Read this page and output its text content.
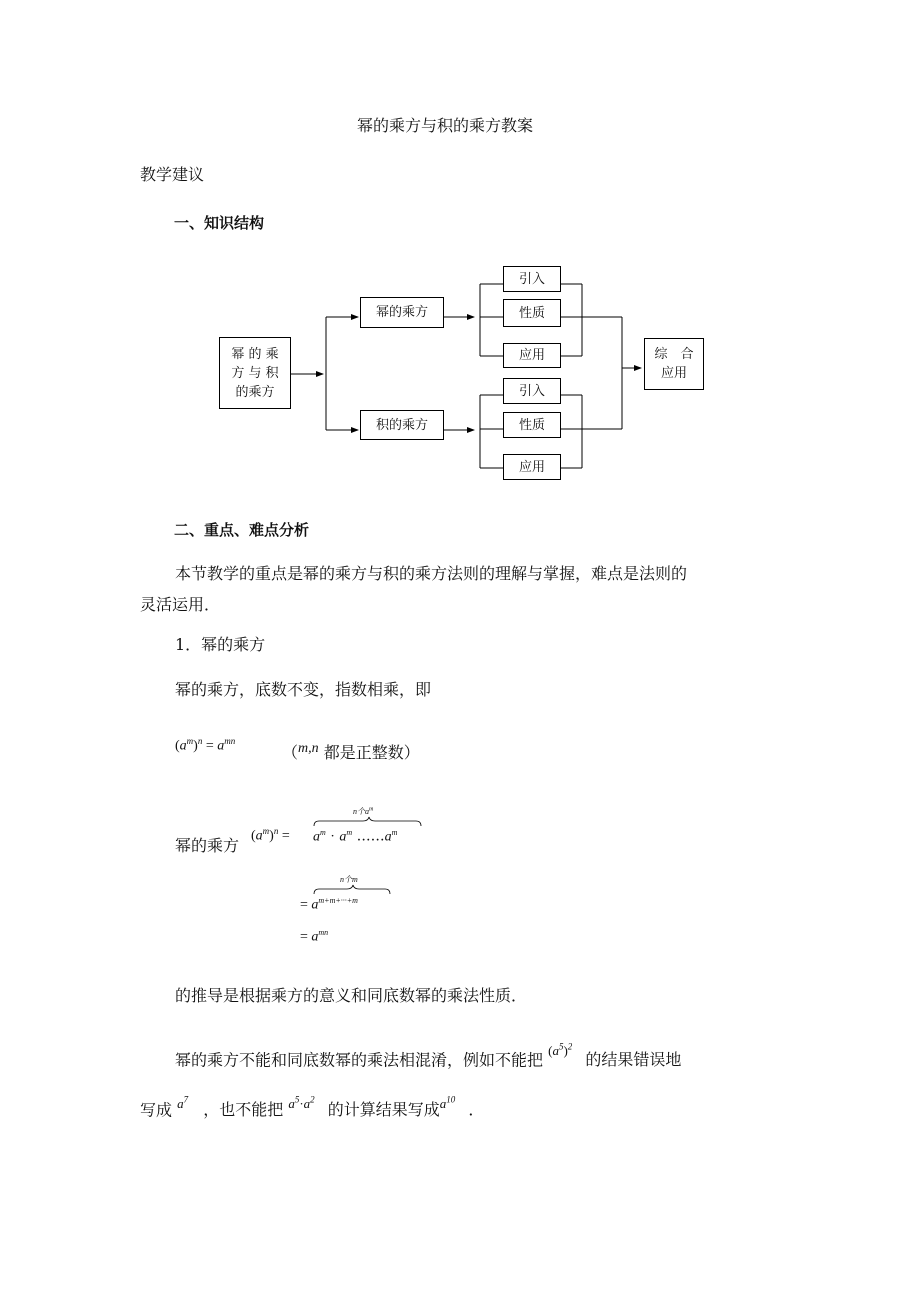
幂的乘方与积的乘方教案
教学建议
一、知识结构
幂 的 乘
方 与 积
的乘方
幂的乘方
积的乘方
引入
性质
应用
引入
性质
应用
综　合
应用
二、重点、难点分析
本节教学的重点是幂的乘方与积的乘方法则的理解与掌握，难点是法则的
灵活运用．
1．幂的乘方
幂的乘方，底数不变，指数相乘，即
$(a^m)^n = a^{mn}$
（m,n 都是正整数）
幂的乘方 $(a^m)^n$ =
n个$a^m$
$a^m \cdot a^m$ $\dots\dots a^m$
n个m
= $a^{m+m+\cdot\cdot\cdot+m}$
= $a^{mn}$
的推导是根据乘方的意义和同底数幂的乘法性质．
幂的乘方不能和同底数幂的乘法相混淆，例如不能把 $^{(a^5)^2}$ 的结果错误地
写成 $^{a^7}$ ，也不能把 $^{a^5\cdot a^2}$ 的计算结果写成$^{a^{10}}$ ．
